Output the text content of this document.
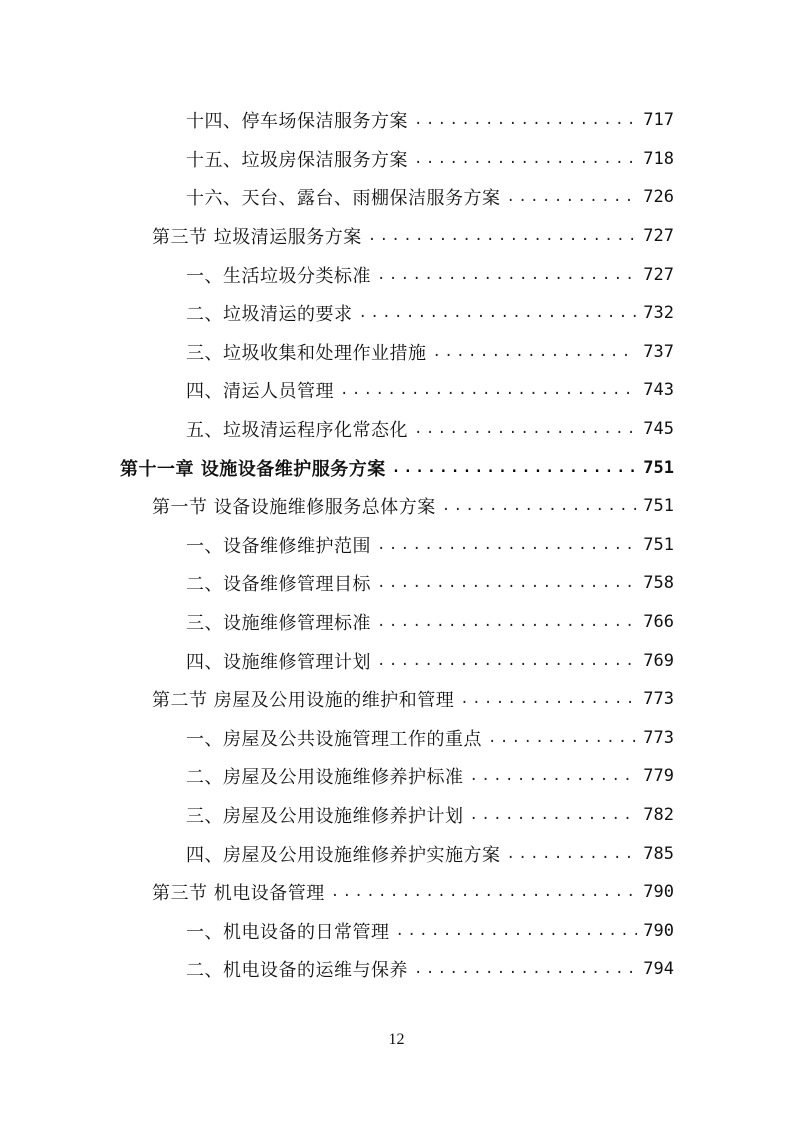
十四、停车场保洁服务方案 .....	717
十五、垃圾房保洁服务方案 .....	718
十六、天台、露台、雨棚保洁服务方案 .....	726
第三节 垃圾清运服务方案 .....	727
一、生活垃圾分类标准 .....	727
二、垃圾清运的要求 .....	732
三、垃圾收集和处理作业措施 .....	737
四、清运人员管理 .....	743
五、垃圾清运程序化常态化 .....	745
第十一章 设施设备维护服务方案 .....	751
第一节 设备设施维修服务总体方案 .....	751
一、设备维修维护范围 .....	751
二、设备维修管理目标 .....	758
三、设施维修管理标准 .....	766
四、设施维修管理计划 .....	769
第二节 房屋及公用设施的维护和管理 .....	773
一、房屋及公共设施管理工作的重点 .....	773
二、房屋及公用设施维修养护标准 .....	779
三、房屋及公用设施维修养护计划 .....	782
四、房屋及公用设施维修养护实施方案 .....	785
第三节 机电设备管理 .....	790
一、机电设备的日常管理 .....	790
二、机电设备的运维与保养 .....	794
12
